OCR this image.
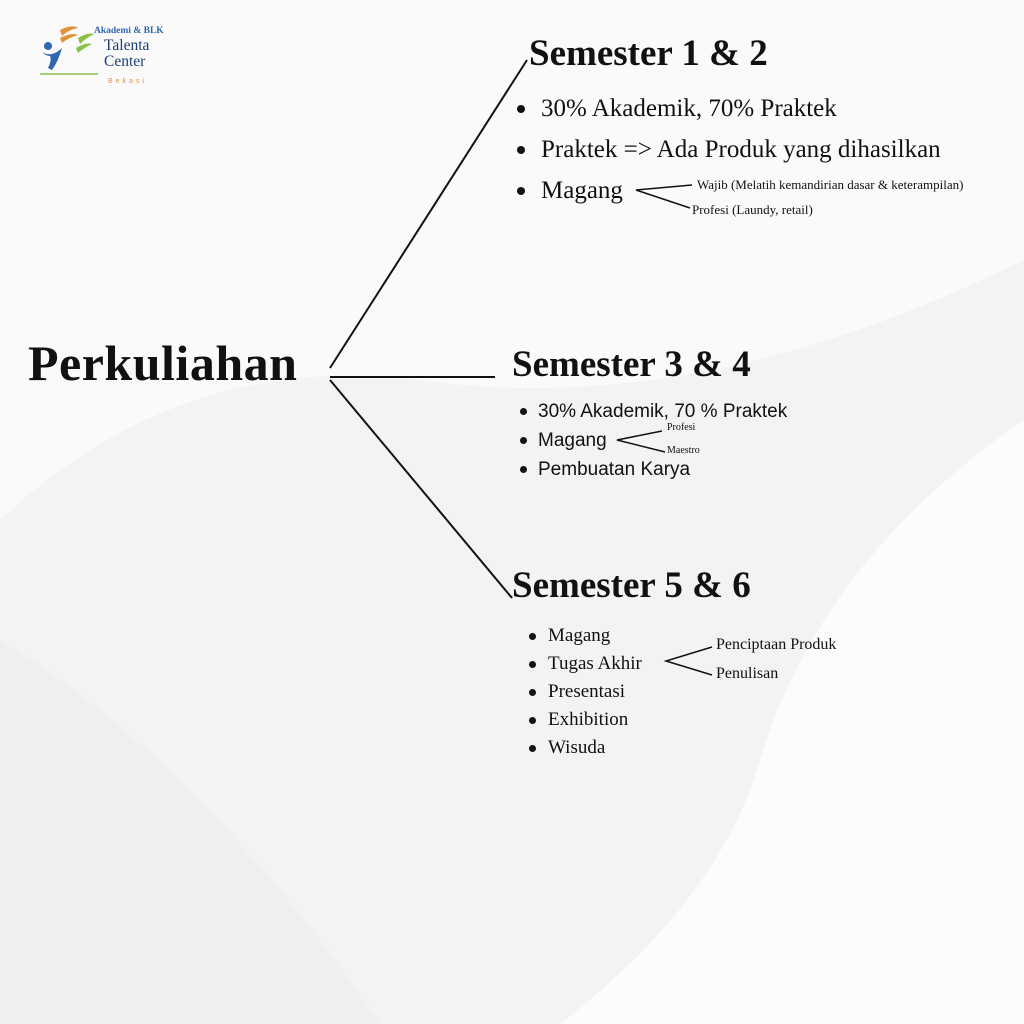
Akademi & BLK
Talenta
Center
Bekasi
Perkuliahan
Semester 1 & 2
30% Akademik, 70% Praktek
Praktek => Ada Produk yang dihasilkan
Magang	Wajib (Melatih kemandirian dasar & keterampilan)
Profesi (Laundy, retail)
Semester 3 & 4
30% Akademik, 70 % Praktek
Magang
Pembuatan Karya
Profesi
Maestro
Semester 5 & 6
Magang
Tugas Akhir
Presentasi
Exhibition
Wisuda
Penciptaan Produk
Penulisan
